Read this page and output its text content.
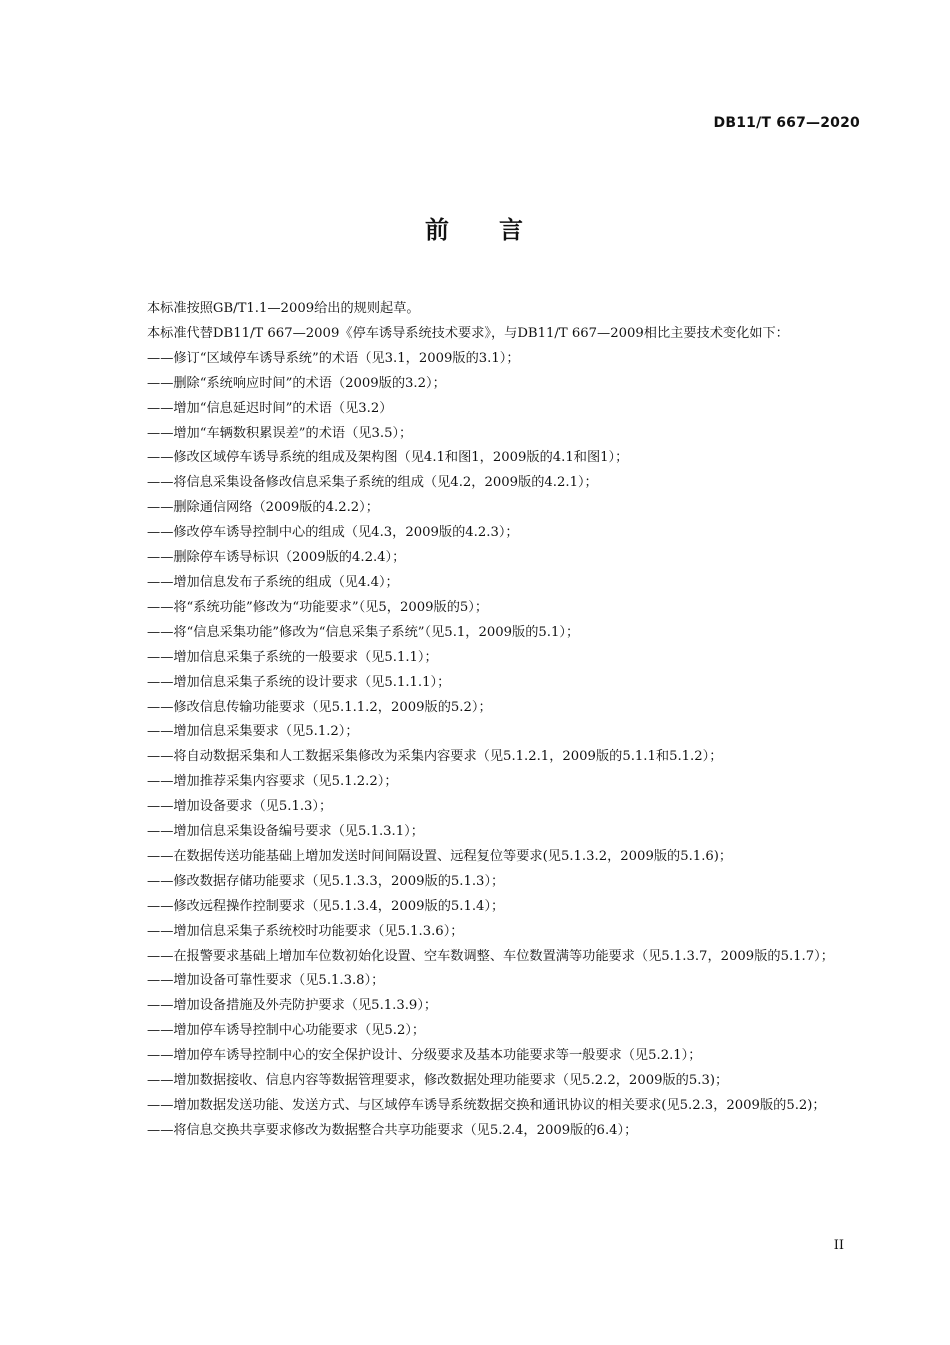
DB11/T 667—2020
前 言
本标准按照GB/T1.1—2009给出的规则起草。
本标准代替DB11/T 667—2009《停车诱导系统技术要求》，与DB11/T 667—2009相比主要技术变化如下：
——修订“区域停车诱导系统”的术语（见3.1，2009版的3.1）；
——删除“系统响应时间”的术语（2009版的3.2）；
——增加“信息延迟时间”的术语（见3.2）
——增加“车辆数积累误差”的术语（见3.5）；
——修改区域停车诱导系统的组成及架构图（见4.1和图1，2009版的4.1和图1）；
——将信息采集设备修改信息采集子系统的组成（见4.2，2009版的4.2.1）；
——删除通信网络（2009版的4.2.2）；
——修改停车诱导控制中心的组成（见4.3，2009版的4.2.3）；
——删除停车诱导标识（2009版的4.2.4）；
——增加信息发布子系统的组成（见4.4）；
——将“系统功能”修改为“功能要求”（见5，2009版的5）；
——将“信息采集功能”修改为“信息采集子系统”（见5.1，2009版的5.1）；
——增加信息采集子系统的一般要求（见5.1.1）；
——增加信息采集子系统的设计要求（见5.1.1.1）；
——修改信息传输功能要求（见5.1.1.2，2009版的5.2）；
——增加信息采集要求（见5.1.2）；
——将自动数据采集和人工数据采集修改为采集内容要求（见5.1.2.1，2009版的5.1.1和5.1.2）；
——增加推荐采集内容要求（见5.1.2.2）；
——增加设备要求（见5.1.3）；
——增加信息采集设备编号要求（见5.1.3.1）；
——在数据传送功能基础上增加发送时间间隔设置、远程复位等要求(见5.1.3.2，2009版的5.1.6)；
——修改数据存储功能要求（见5.1.3.3，2009版的5.1.3）；
——修改远程操作控制要求（见5.1.3.4，2009版的5.1.4）；
——增加信息采集子系统校时功能要求（见5.1.3.6）；
——在报警要求基础上增加车位数初始化设置、空车数调整、车位数置满等功能要求（见5.1.3.7，2009版的5.1.7）；
——增加设备可靠性要求（见5.1.3.8）；
——增加设备措施及外壳防护要求（见5.1.3.9）；
——增加停车诱导控制中心功能要求（见5.2）；
——增加停车诱导控制中心的安全保护设计、分级要求及基本功能要求等一般要求（见5.2.1）；
——增加数据接收、信息内容等数据管理要求，修改数据处理功能要求（见5.2.2，2009版的5.3)；
——增加数据发送功能、发送方式、与区域停车诱导系统数据交换和通讯协议的相关要求(见5.2.3，2009版的5.2)；
——将信息交换共享要求修改为数据整合共享功能要求（见5.2.4，2009版的6.4）；
II
